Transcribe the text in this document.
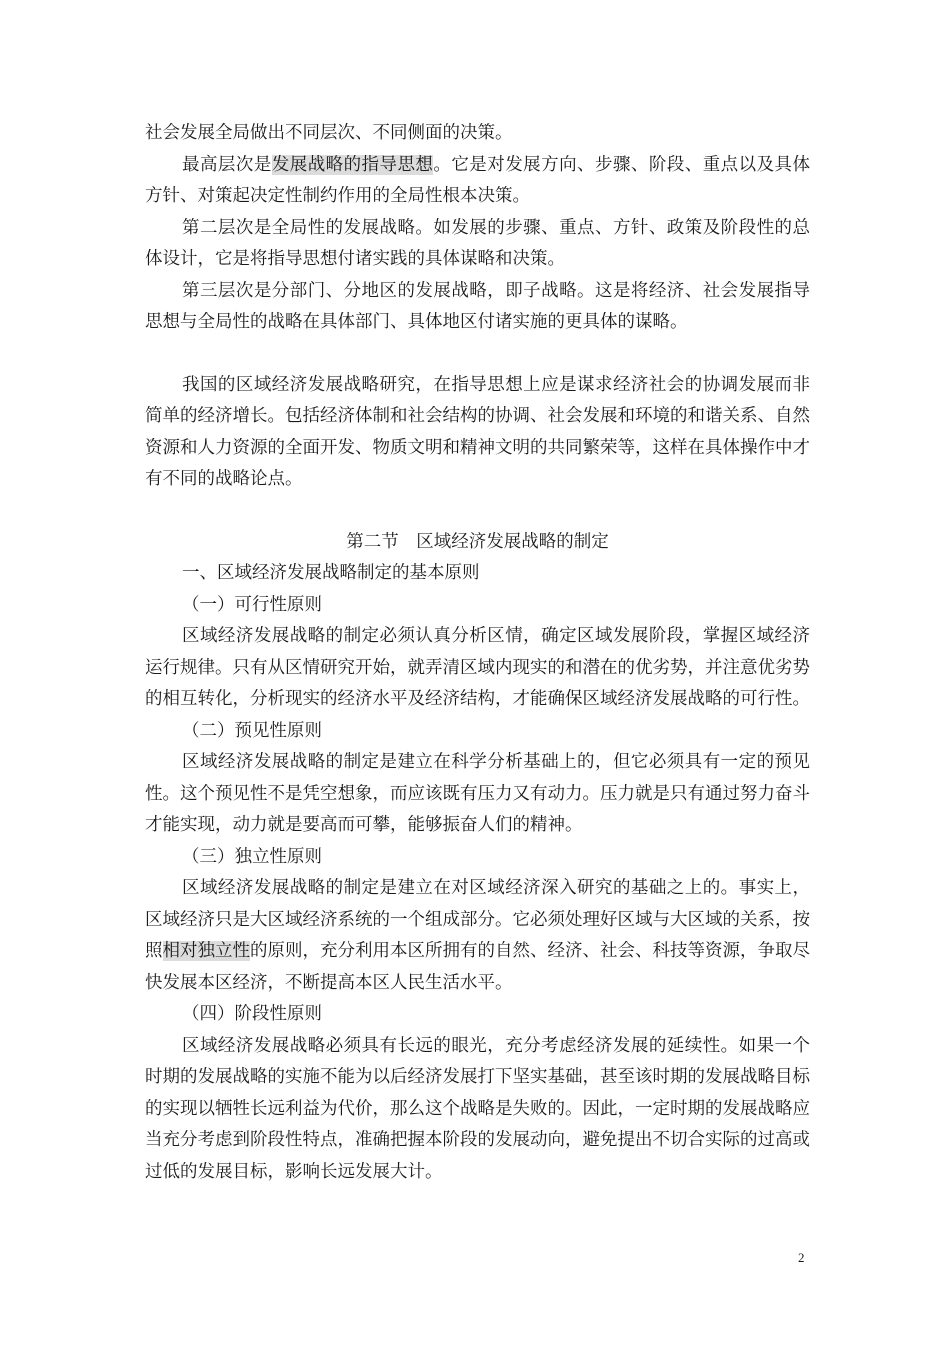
社会发展全局做出不同层次、不同侧面的决策。

最高层次是发展战略的指导思想。它是对发展方向、步骤、阶段、重点以及具体方针、对策起决定性制约作用的全局性根本决策。

第二层次是全局性的发展战略。如发展的步骤、重点、方针、政策及阶段性的总体设计，它是将指导思想付诸实践的具体谋略和决策。

第三层次是分部门、分地区的发展战略，即子战略。这是将经济、社会发展指导思想与全局性的战略在具体部门、具体地区付诸实施的更具体的谋略。

我国的区域经济发展战略研究，在指导思想上应是谋求经济社会的协调发展而非简单的经济增长。包括经济体制和社会结构的协调、社会发展和环境的和谐关系、自然资源和人力资源的全面开发、物质文明和精神文明的共同繁荣等，这样在具体操作中才有不同的战略论点。

第二节　区域经济发展战略的制定

一、区域经济发展战略制定的基本原则

（一）可行性原则

区域经济发展战略的制定必须认真分析区情，确定区域发展阶段，掌握区域经济运行规律。只有从区情研究开始，就弄清区域内现实的和潜在的优劣势，并注意优劣势的相互转化，分析现实的经济水平及经济结构，才能确保区域经济发展战略的可行性。

（二）预见性原则

区域经济发展战略的制定是建立在科学分析基础上的，但它必须具有一定的预见性。这个预见性不是凭空想象，而应该既有压力又有动力。压力就是只有通过努力奋斗才能实现，动力就是要高而可攀，能够振奋人们的精神。

（三）独立性原则

区域经济发展战略的制定是建立在对区域经济深入研究的基础之上的。事实上，区域经济只是大区域经济系统的一个组成部分。它必须处理好区域与大区域的关系，按照相对独立性的原则，充分利用本区所拥有的自然、经济、社会、科技等资源，争取尽快发展本区经济，不断提高本区人民生活水平。

（四）阶段性原则

区域经济发展战略必须具有长远的眼光，充分考虑经济发展的延续性。如果一个时期的发展战略的实施不能为以后经济发展打下坚实基础，甚至该时期的发展战略目标的实现以牺牲长远利益为代价，那么这个战略是失败的。因此，一定时期的发展战略应当充分考虑到阶段性特点，准确把握本阶段的发展动向，避免提出不切合实际的过高或过低的发展目标，影响长远发展大计。

2
